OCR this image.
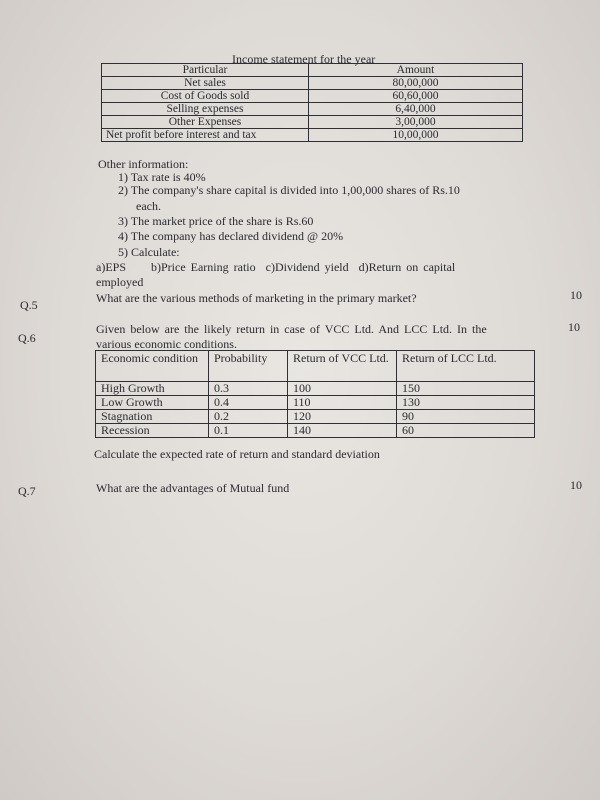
Income statement for the year
Particular	Amount
Net sales	80,00,000
Cost of Goods sold	60,60,000
Selling expenses	6,40,000
Other Expenses	3,00,000
Net profit before interest and tax	10,00,000
Other information:
1) Tax rate is 40%
2) The company's share capital is divided into 1,00,000 shares of Rs.10
each.
3) The market price of the share is Rs.60
4) The company has declared dividend @ 20%
5) Calculate:
a)EPS     b)Price Earning ratio  c)Dividend yield  d)Return on capital
employed
Q.5	What are the various methods of marketing in the primary market?	10
Q.6
Given below are the likely return in case of VCC Ltd. And LCC Ltd. In the
various economic conditions.
10
Economic condition	Probability	Return of VCC Ltd.	Return of LCC Ltd.
High Growth	0.3	100	150
Low Growth	0.4	110	130
Stagnation	0.2	120	90
Recession	0.1	140	60
Calculate the expected rate of return and standard deviation
Q.7	What are the advantages of Mutual fund	10
